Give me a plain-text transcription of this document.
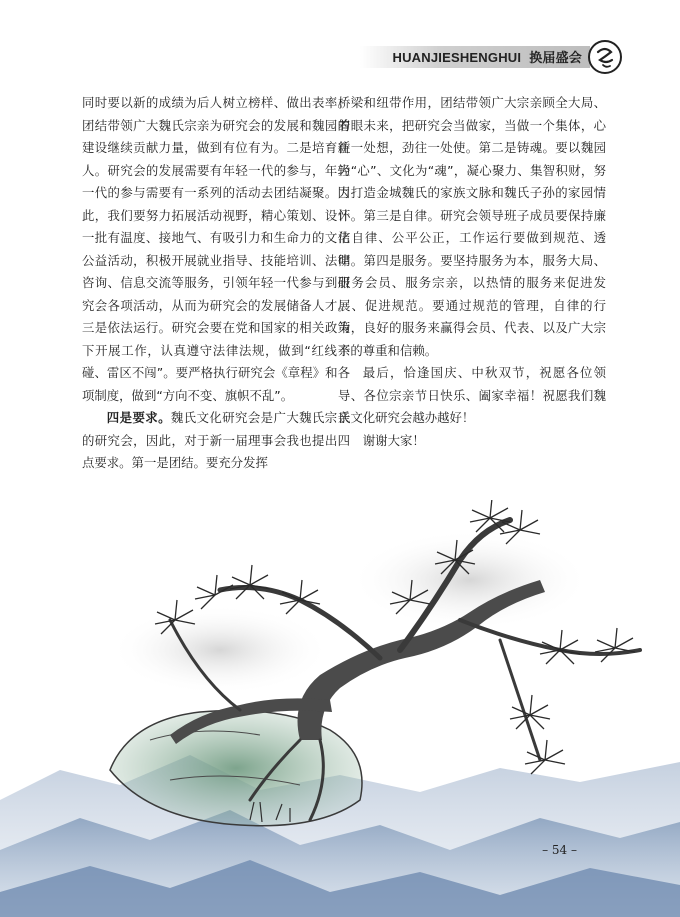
HUANJIESHENGHUI 换届盛会

同时要以新的成绩为后人树立榜样、做出表率。团结带领广大魏氏宗亲为研究会的发展和魏园的建设继续贡献力量，做到有位有为。二是培育新人。研究会的发展需要有年轻一代的参与，年轻一代的参与需要有一系列的活动去团结凝聚。因此，我们要努力拓展活动视野，精心策划、设计一批有温度、接地气、有吸引力和生命力的文化公益活动，积极开展就业指导、技能培训、法律咨询、信息交流等服务，引领年轻一代参与到研究会各项活动，从而为研究会的发展储备人才。三是依法运行。研究会要在党和国家的相关政策下开展工作，认真遵守法律法规，做到“红线不碰、雷区不闯”。要严格执行研究会《章程》和各项制度，做到“方向不变、旗帜不乱”。

四是要求。魏氏文化研究会是广大魏氏宗亲的研究会，因此，对于新一届理事会我也提出四点要求。第一是团结。要充分发挥

桥梁和纽带作用，团结带领广大宗亲顾全大局、着眼未来，把研究会当做家，当做一个集体，心往一处想，劲往一处使。第二是铸魂。要以魏园为“心”、文化为“魂”，凝心聚力、集智积财，努力打造金城魏氏的家族文脉和魏氏子孙的家园情怀。第三是自律。研究会领导班子成员要保持廉洁自律、公平公正，工作运行要做到规范、透明。第四是服务。要坚持服务为本，服务大局、服务会员、服务宗亲，以热情的服务来促进发展、促进规范。要通过规范的管理，自律的行为，良好的服务来赢得会员、代表、以及广大宗亲的尊重和信赖。

最后，恰逢国庆、中秋双节，祝愿各位领导、各位宗亲节日快乐、阖家幸福！祝愿我们魏氏文化研究会越办越好！

谢谢大家！

– 54 –
